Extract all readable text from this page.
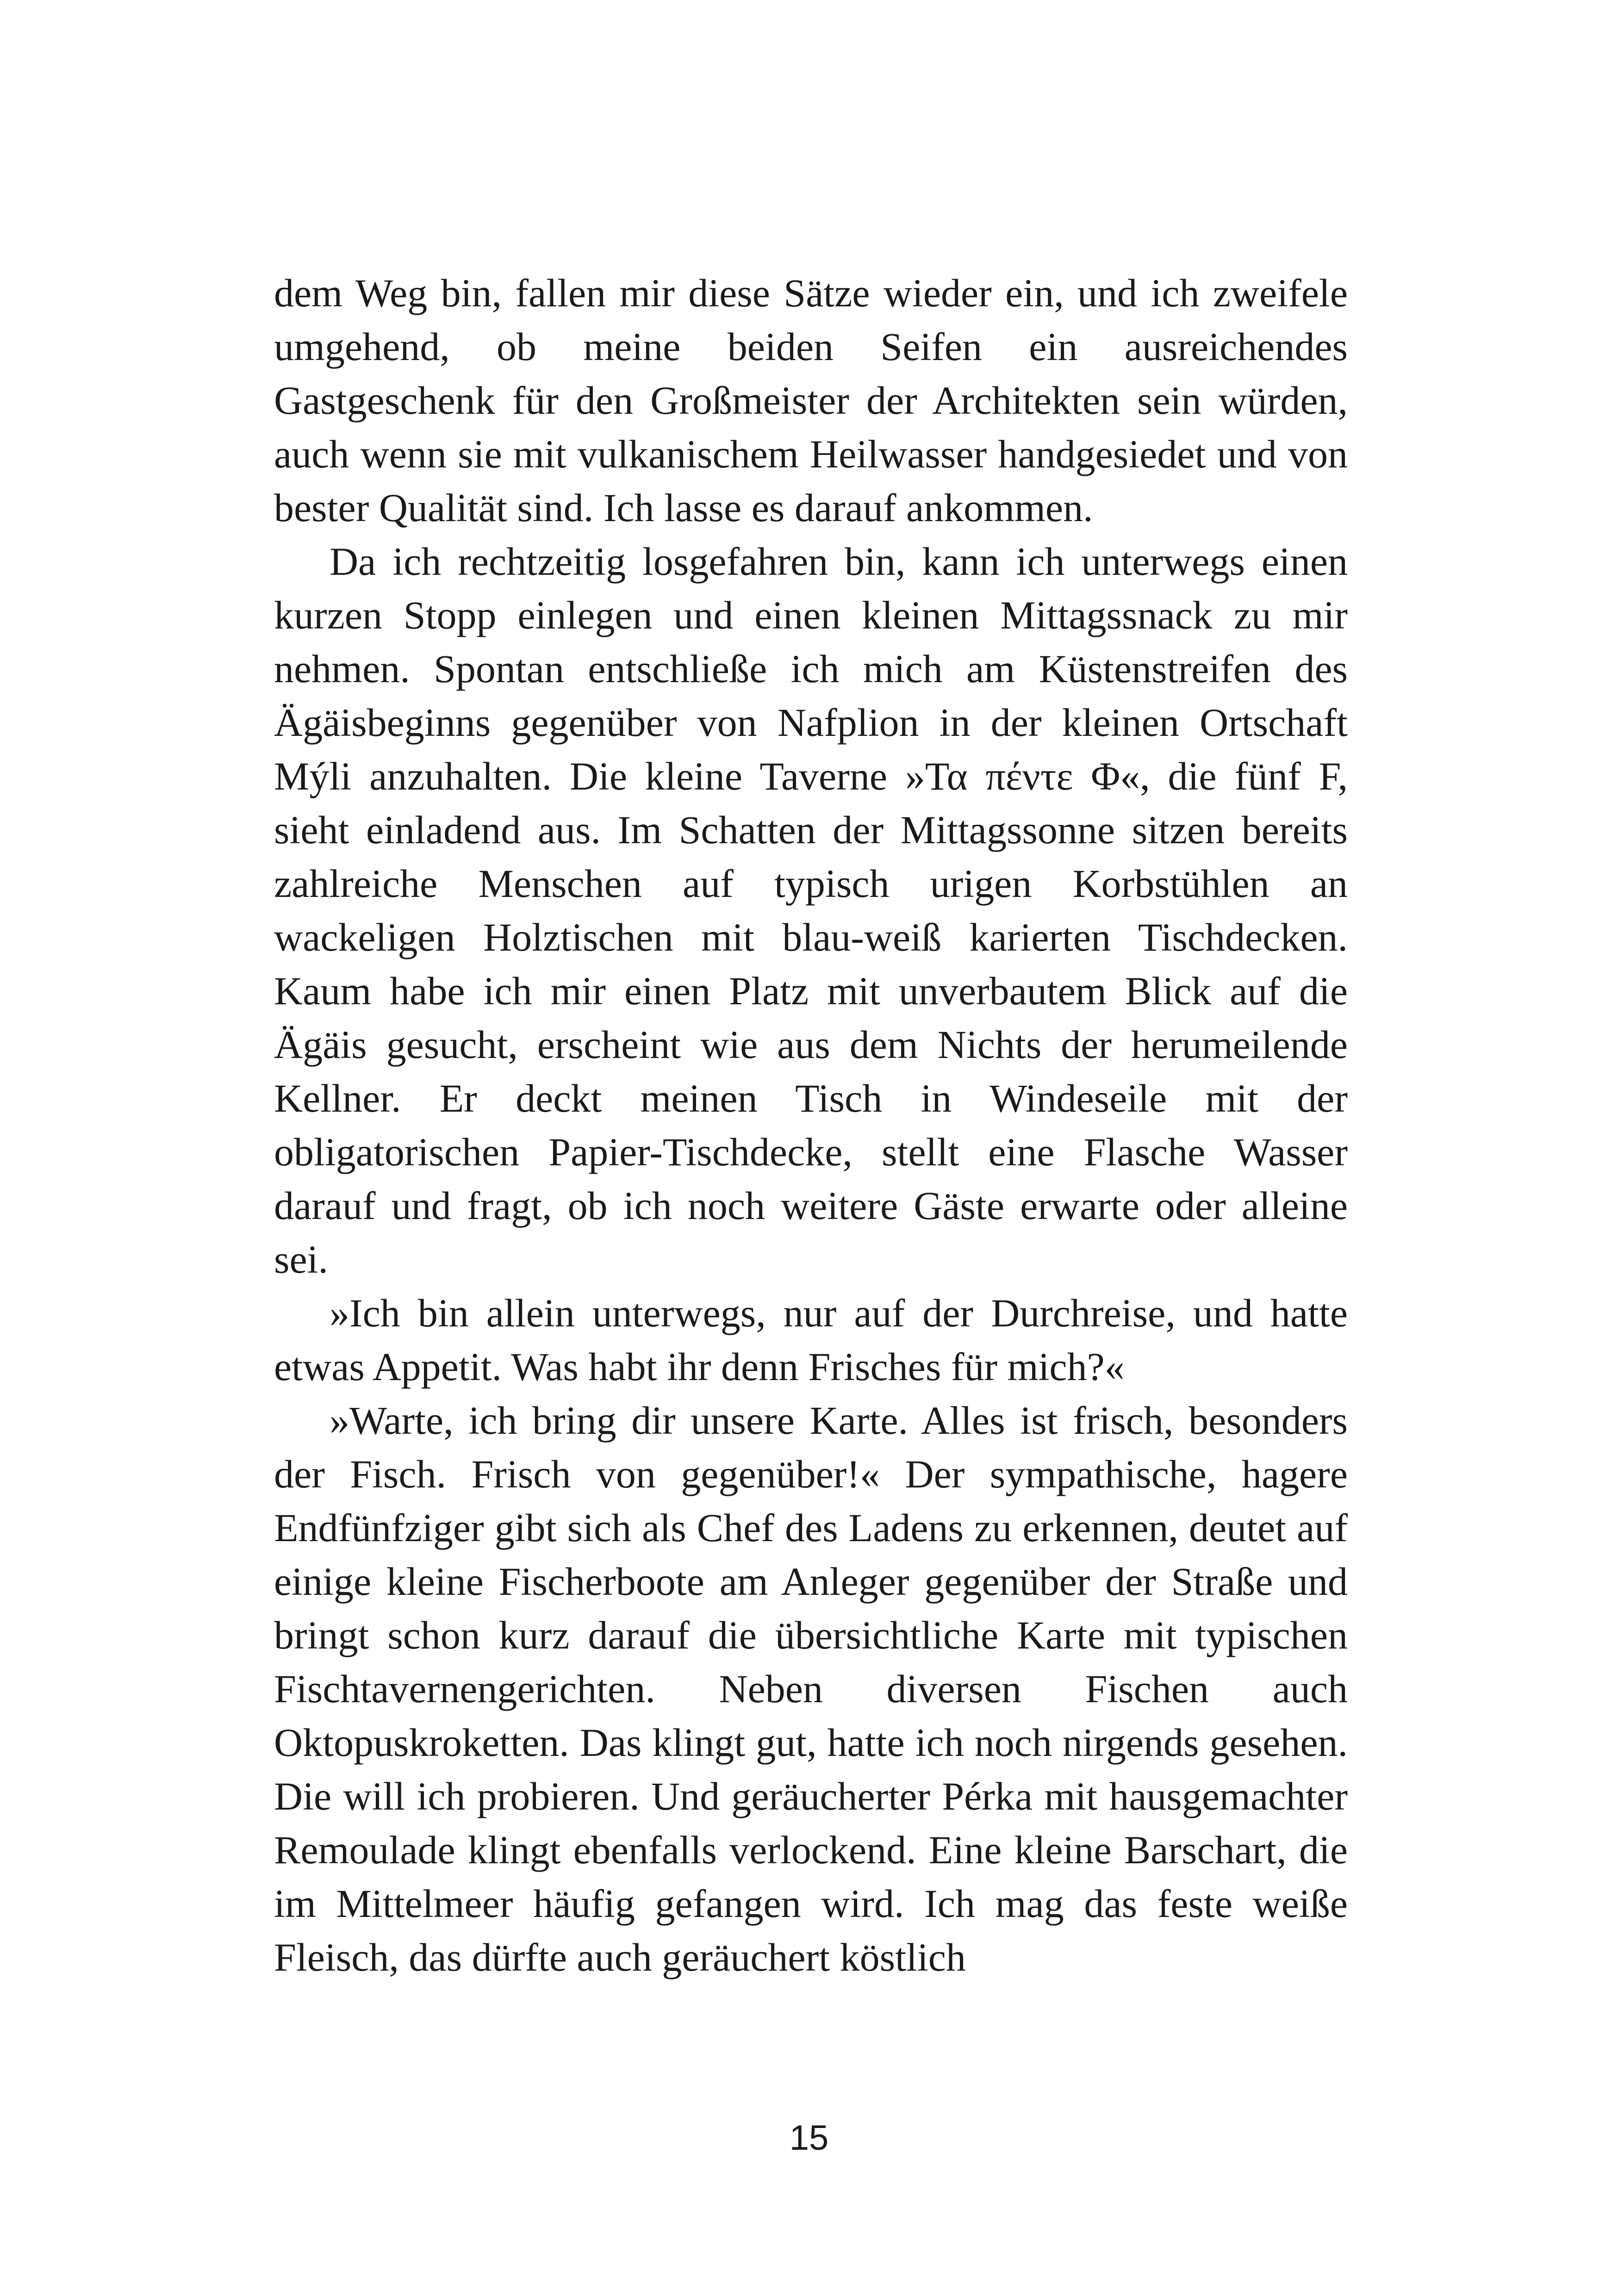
dem Weg bin, fallen mir diese Sätze wieder ein, und ich zweifele umgehend, ob meine beiden Seifen ein ausreichendes Gastgeschenk für den Großmeister der Architekten sein würden, auch wenn sie mit vulkanischem Heilwasser handgesiedet und von bester Qualität sind. Ich lasse es darauf ankommen.

Da ich rechtzeitig losgefahren bin, kann ich unterwegs einen kurzen Stopp einlegen und einen kleinen Mittagssnack zu mir nehmen. Spontan entschließe ich mich am Küstenstreifen des Ägäisbeginns gegenüber von Nafplion in der kleinen Ortschaft Mýli anzuhalten. Die kleine Taverne »Τα πέντε Φ«, die fünf F, sieht einladend aus. Im Schatten der Mittagssonne sitzen bereits zahlreiche Menschen auf typisch urigen Korbstühlen an wackeligen Holztischen mit blau-weiß karierten Tischdecken. Kaum habe ich mir einen Platz mit unverbautem Blick auf die Ägäis gesucht, erscheint wie aus dem Nichts der herumeilende Kellner. Er deckt meinen Tisch in Windeseile mit der obligatorischen Papier-Tischdecke, stellt eine Flasche Wasser darauf und fragt, ob ich noch weitere Gäste erwarte oder alleine sei.

»Ich bin allein unterwegs, nur auf der Durchreise, und hatte etwas Appetit. Was habt ihr denn Frisches für mich?«

»Warte, ich bring dir unsere Karte. Alles ist frisch, besonders der Fisch. Frisch von gegenüber!« Der sympathische, hagere Endfünfziger gibt sich als Chef des Ladens zu erkennen, deutet auf einige kleine Fischerboote am Anleger gegenüber der Straße und bringt schon kurz darauf die übersichtliche Karte mit typischen Fischtavernengerichten. Neben diversen Fischen auch Oktopuskroketten. Das klingt gut, hatte ich noch nirgends gesehen. Die will ich probieren. Und geräucherter Pérka mit hausgemachter Remoulade klingt ebenfalls verlockend. Eine kleine Barschart, die im Mittelmeer häufig gefangen wird. Ich mag das feste weiße Fleisch, das dürfte auch geräuchert köstlich

15
